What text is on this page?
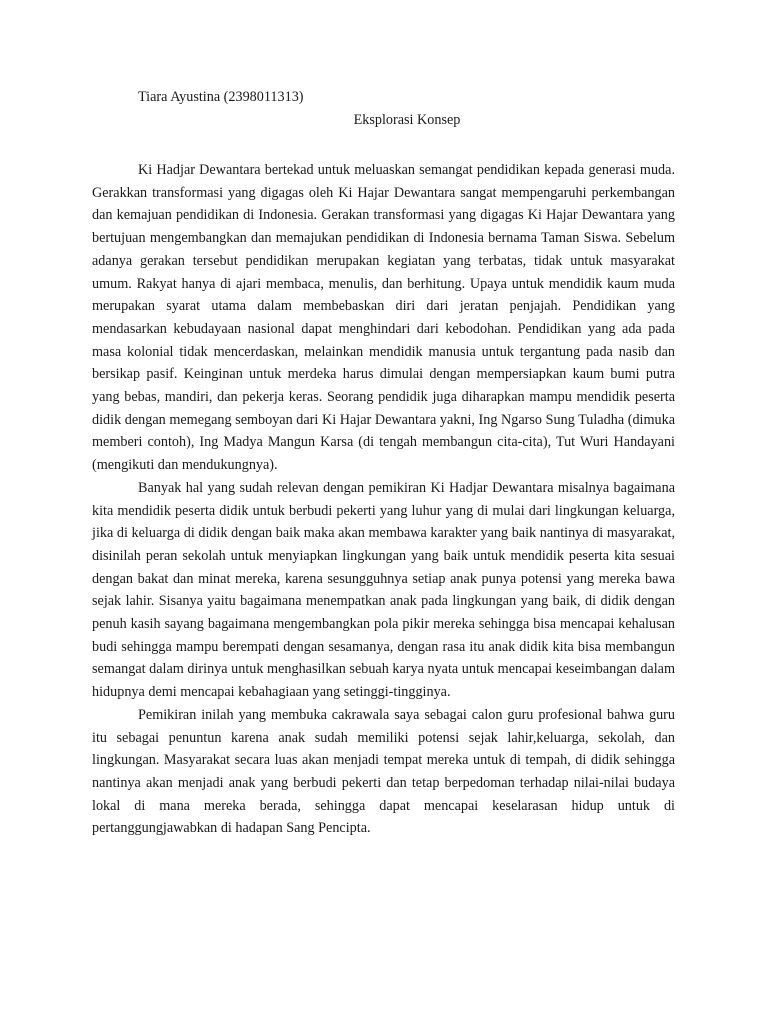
Tiara Ayustina (2398011313)
Eksplorasi Konsep

Ki Hadjar Dewantara bertekad untuk meluaskan semangat pendidikan kepada generasi muda. Gerakkan transformasi yang digagas oleh Ki Hajar Dewantara sangat mempengaruhi perkembangan dan kemajuan pendidikan di Indonesia. Gerakan transformasi yang digagas Ki Hajar Dewantara yang bertujuan mengembangkan dan memajukan pendidikan di Indonesia bernama Taman Siswa. Sebelum adanya gerakan tersebut pendidikan merupakan kegiatan yang terbatas, tidak untuk masyarakat umum. Rakyat hanya di ajari membaca, menulis, dan berhitung. Upaya untuk mendidik kaum muda merupakan syarat utama dalam membebaskan diri dari jeratan penjajah. Pendidikan yang mendasarkan kebudayaan nasional dapat menghindari dari kebodohan. Pendidikan yang ada pada masa kolonial tidak mencerdaskan, melainkan mendidik manusia untuk tergantung pada nasib dan bersikap pasif. Keinginan untuk merdeka harus dimulai dengan mempersiapkan kaum bumi putra yang bebas, mandiri, dan pekerja keras. Seorang pendidik juga diharapkan mampu mendidik peserta didik dengan memegang semboyan dari Ki Hajar Dewantara yakni, Ing Ngarso Sung Tuladha (dimuka memberi contoh), Ing Madya Mangun Karsa (di tengah membangun cita-cita), Tut Wuri Handayani (mengikuti dan mendukungnya).

Banyak hal yang sudah relevan dengan pemikiran Ki Hadjar Dewantara misalnya bagaimana kita mendidik peserta didik untuk berbudi pekerti yang luhur yang di mulai dari lingkungan keluarga, jika di keluarga di didik dengan baik maka akan membawa karakter yang baik nantinya di masyarakat, disinilah peran sekolah untuk menyiapkan lingkungan yang baik untuk mendidik peserta kita sesuai dengan bakat dan minat mereka, karena sesungguhnya setiap anak punya potensi yang mereka bawa sejak lahir. Sisanya yaitu bagaimana menempatkan anak pada lingkungan yang baik, di didik dengan penuh kasih sayang bagaimana mengembangkan pola pikir mereka sehingga bisa mencapai kehalusan budi sehingga mampu berempati dengan sesamanya, dengan rasa itu anak didik kita bisa membangun semangat dalam dirinya untuk menghasilkan sebuah karya nyata untuk mencapai keseimbangan dalam hidupnya demi mencapai kebahagiaan yang setinggi-tingginya.

Pemikiran inilah yang membuka cakrawala saya sebagai calon guru profesional bahwa guru itu sebagai penuntun karena anak sudah memiliki potensi sejak lahir,keluarga, sekolah, dan lingkungan. Masyarakat secara luas akan menjadi tempat mereka untuk di tempah, di didik sehingga nantinya akan menjadi anak yang berbudi pekerti dan tetap berpedoman terhadap nilai-nilai budaya lokal di mana mereka berada, sehingga dapat mencapai keselarasan hidup untuk di pertanggungjawabkan di hadapan Sang Pencipta.
